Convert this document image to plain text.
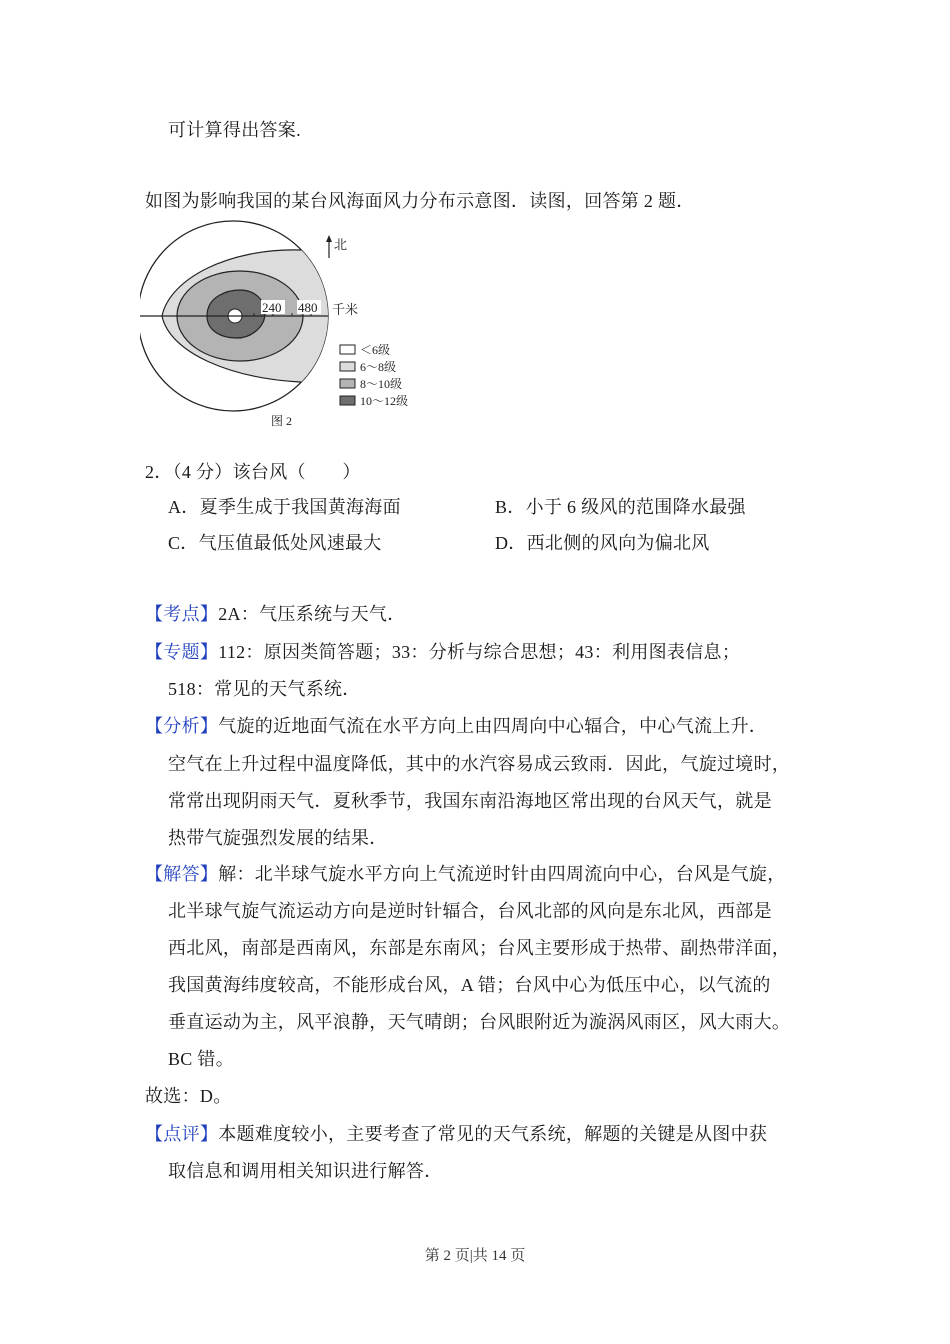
可计算得出答案.
如图为影响我国的某台风海面风力分布示意图．读图，回答第 2 题．
240 480 千米
北
＜6级
6～8级
8～10级
10～12级
图 2
2．（4 分）该台风（　　）
A．夏季生成于我国黄海海面	B．小于 6 级风的范围降水最强
C．气压值最低处风速最大	D．西北侧的风向为偏北风
【考点】2A：气压系统与天气．
【专题】112：原因类简答题；33：分析与综合思想；43：利用图表信息；
518：常见的天气系统．
【分析】气旋的近地面气流在水平方向上由四周向中心辐合，中心气流上升．
空气在上升过程中温度降低，其中的水汽容易成云致雨．因此，气旋过境时，
常常出现阴雨天气．夏秋季节，我国东南沿海地区常出现的台风天气，就是
热带气旋强烈发展的结果．
【解答】解：北半球气旋水平方向上气流逆时针由四周流向中心，台风是气旋，
北半球气旋气流运动方向是逆时针辐合，台风北部的风向是东北风，西部是
西北风，南部是西南风，东部是东南风；台风主要形成于热带、副热带洋面，
我国黄海纬度较高，不能形成台风，A 错；台风中心为低压中心，以气流的
垂直运动为主，风平浪静，天气晴朗；台风眼附近为漩涡风雨区，风大雨大。
BC 错。
故选：D。
【点评】本题难度较小，主要考查了常见的天气系统，解题的关键是从图中获
取信息和调用相关知识进行解答．
第 2 页|共 14 页
